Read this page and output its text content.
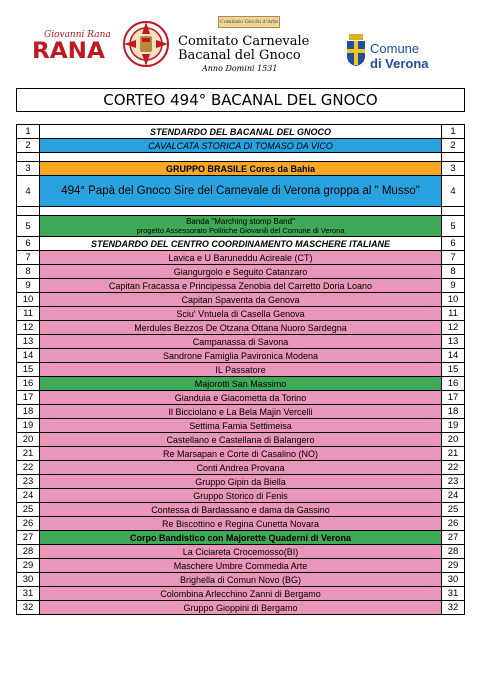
Giovanni Rana
RANA
Comitato Giochi d'Arte
Comitato Carnevale
Bacanal del Gnoco
Anno Domini 1531
Comune
di Verona
CORTEO 494° BACANAL DEL GNOCO
1	STENDARDO DEL BACANAL DEL GNOCO	1
2	CAVALCATA STORICA DI TOMASO DA VICO	2

3	GRUPPO BRASILE Cores da Bahia	3
4	494° Papà del Gnoco Sire del Carnevale di Verona groppa al " Musso"	4

5	Banda "Marching stomp Band"
progetto Assessorato Politiche Giovanili del Comune di Verona	5
6	STENDARDO DEL CENTRO COORDINAMENTO MASCHERE ITALIANE	6
7	Lavica e U Baruneddu Acireale (CT)	7
8	Giangurgolo e Seguito Catanzaro	8
9	Capitan Fracassa e Principessa Zenobia del Carretto Doria Loano	9
10	Capitan Spaventa da Genova	10
11	Sciu' Vntuela di Casella Genova	11
12	Merdules Bezzos De Otzana Ottana Nuoro Sardegna	12
13	Campanassa di Savona	13
14	Sandrone Famiglia Pavironica Modena	14
15	IL Passatore	15
16	Majorotti San Massimo	16
17	Gianduia e Giacometta da Torino	17
18	Il Bicciolano e La Bela Majin Vercelli	18
19	Settima Famia Settimeisa	19
20	Castellano e Castellana di Balangero	20
21	Re Marsapan e Corte di Casalino (NO)	21
22	Conti Andrea Provana	22
23	Gruppo Gipin da Biella	23
24	Gruppo Storico di Fenis	24
25	Contessa di Bardassano e dama da Gassino	25
26	Re Biscottino e Regina Cunetta Novara	26
27	Corpo Bandistico con Majorette Quaderni di Verona	27
28	La Ciciareta Crocemosso(BI)	28
29	Maschere Umbre Commedia Arte	29
30	Brighella di Comun Novo (BG)	30
31	Colombina Arlecchino Zanni di Bergamo	31
32	Gruppo Gioppini di Bergamo	32
